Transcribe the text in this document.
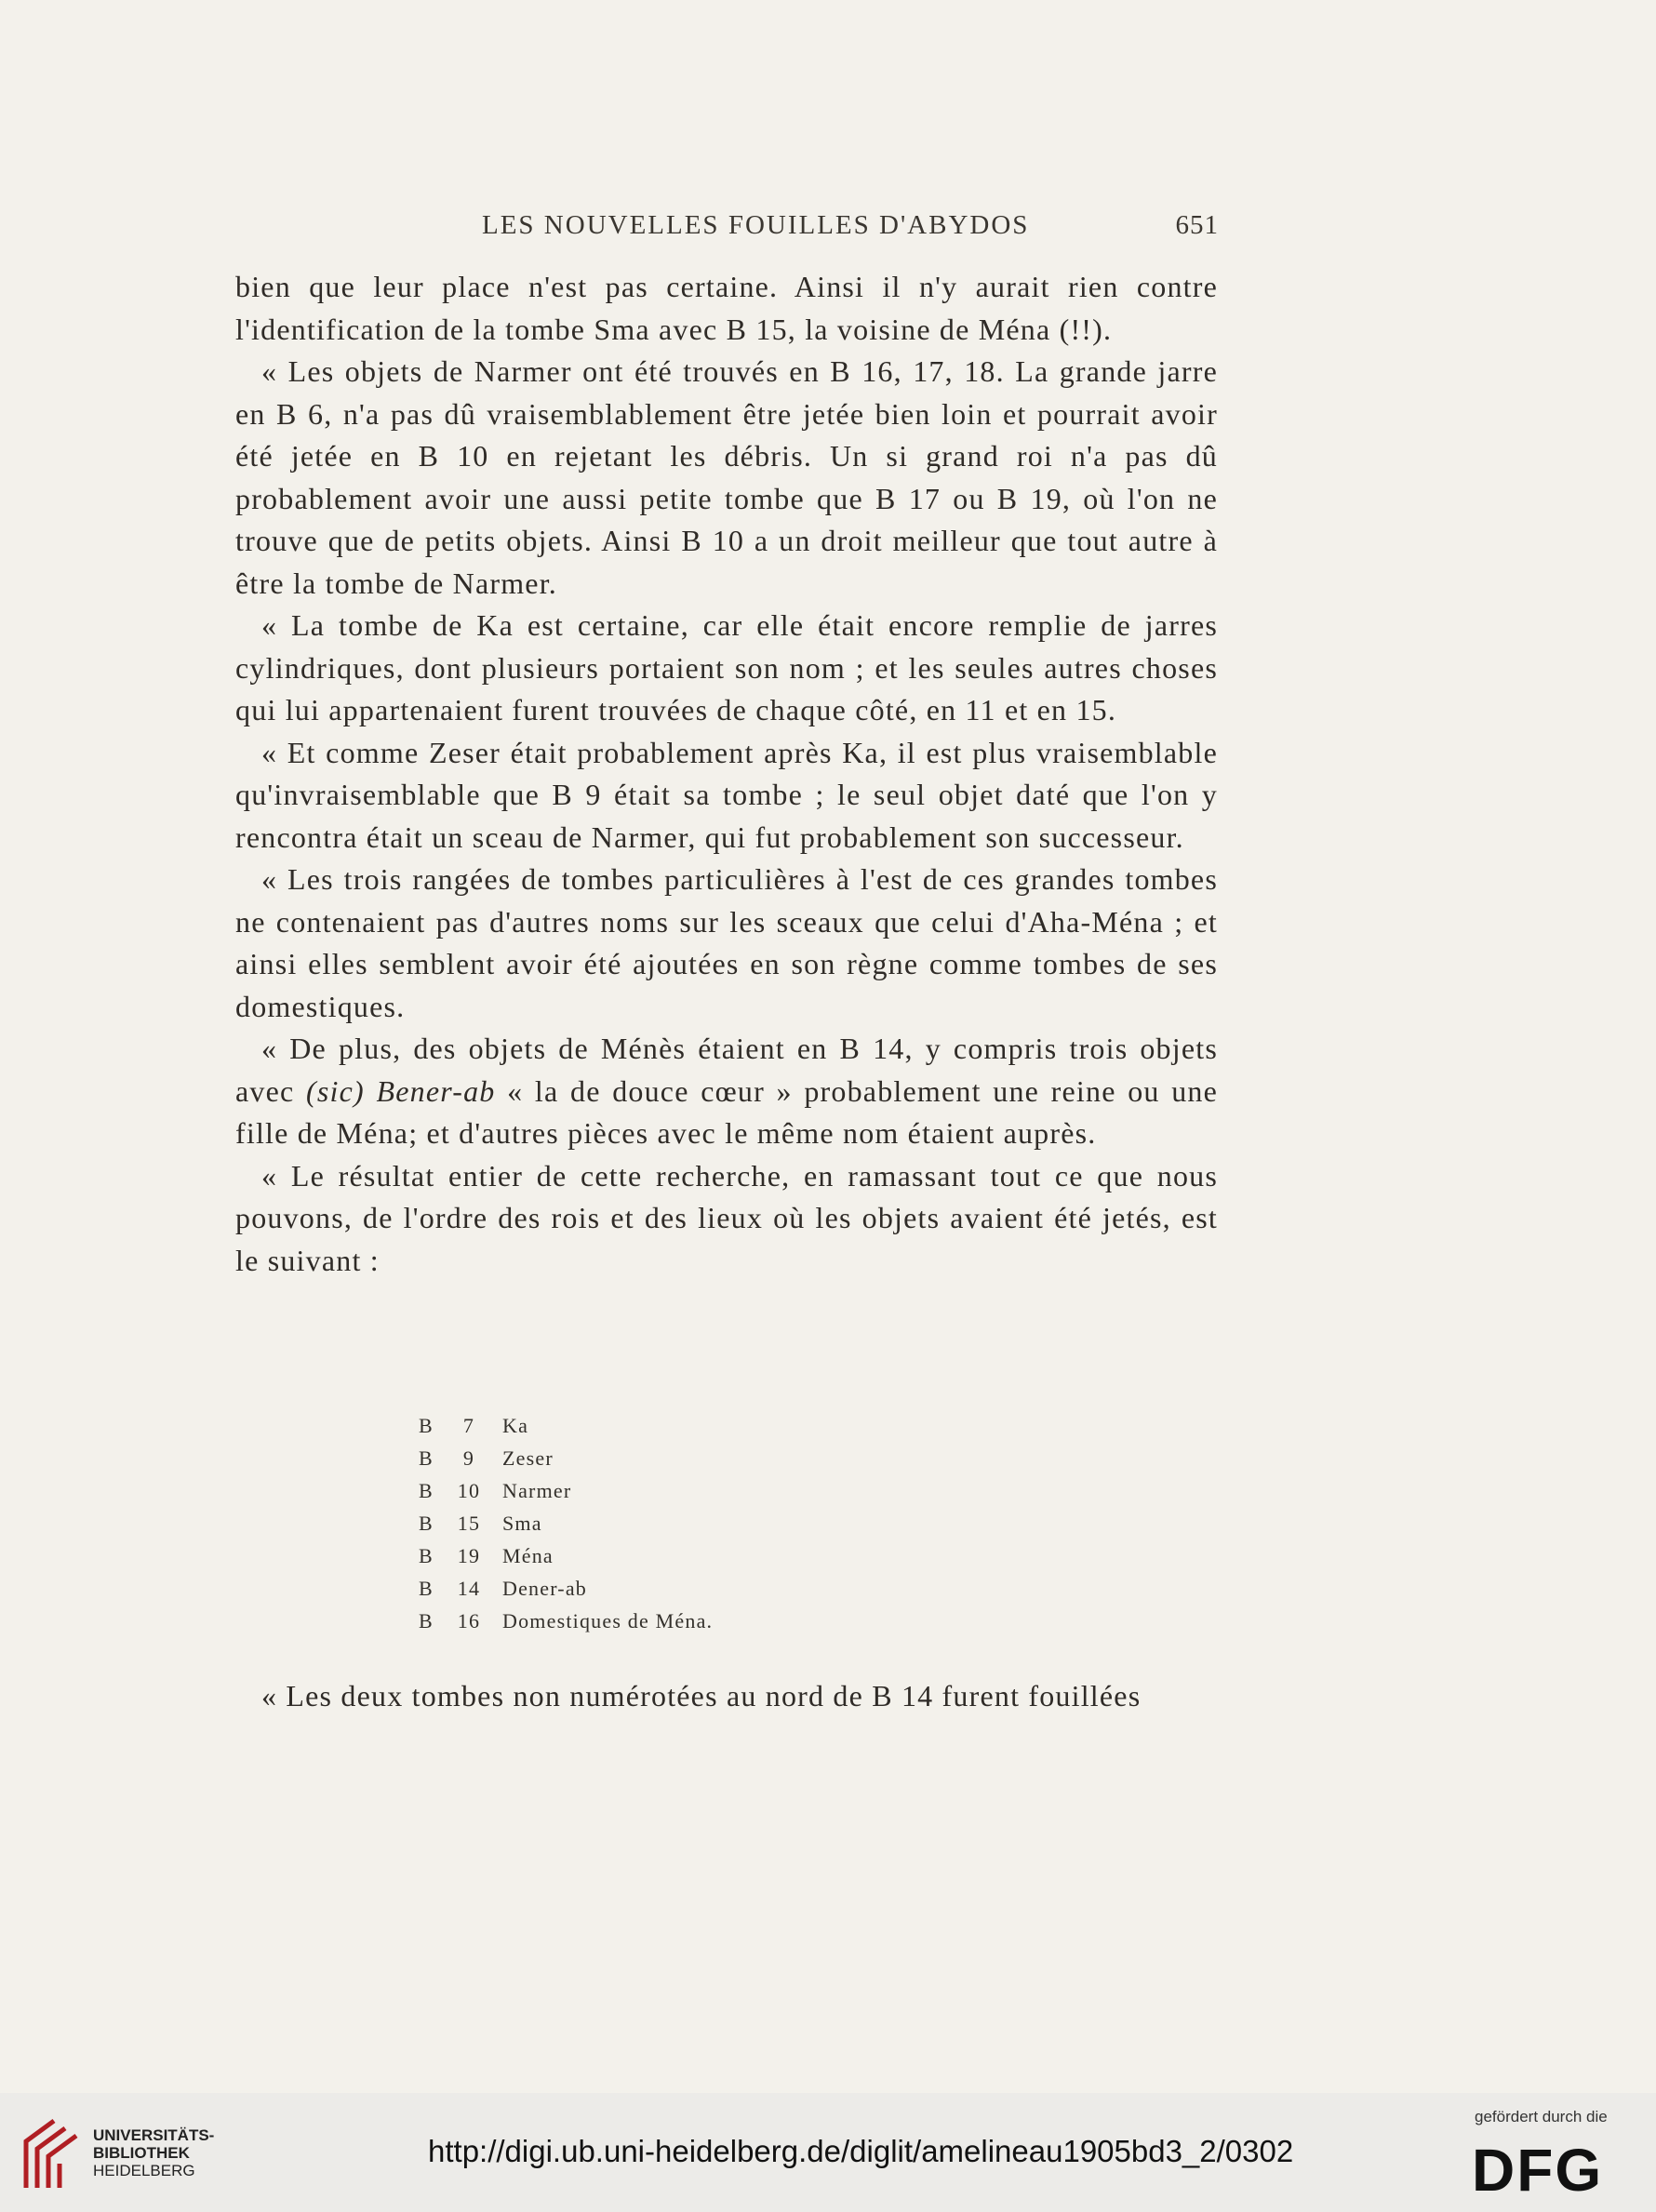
LES NOUVELLES FOUILLES D'ABYDOS	651

bien que leur place n'est pas certaine. Ainsi il n'y aurait rien contre l'identification de la tombe Sma avec B 15, la voisine de Ména (!!).

« Les objets de Narmer ont été trouvés en B 16, 17, 18. La grande jarre en B 6, n'a pas dû vraisemblablement être jetée bien loin et pourrait avoir été jetée en B 10 en rejetant les débris. Un si grand roi n'a pas dû probablement avoir une aussi petite tombe que B 17 ou B 19, où l'on ne trouve que de petits objets. Ainsi B 10 a un droit meilleur que tout autre à être la tombe de Narmer.

« La tombe de Ka est certaine, car elle était encore remplie de jarres cylindriques, dont plusieurs portaient son nom ; et les seules autres choses qui lui appartenaient furent trouvées de chaque côté, en 11 et en 15.

« Et comme Zeser était probablement après Ka, il est plus vraisemblable qu'invraisemblable que B 9 était sa tombe ; le seul objet daté que l'on y rencontra était un sceau de Narmer, qui fut probablement son successeur.

« Les trois rangées de tombes particulières à l'est de ces grandes tombes ne contenaient pas d'autres noms sur les sceaux que celui d'Aha-Ména ; et ainsi elles semblent avoir été ajoutées en son règne comme tombes de ses domestiques.

« De plus, des objets de Ménès étaient en B 14, y compris trois objets avec (sic) Bener-ab « la de douce cœur » probablement une reine ou une fille de Ména; et d'autres pièces avec le même nom étaient auprès.

« Le résultat entier de cette recherche, en ramassant tout ce que nous pouvons, de l'ordre des rois et des lieux où les objets avaient été jetés, est le suivant :

B	7	Ka
B	9	Zeser
B	10	Narmer
B	15	Sma
B	19	Ména
B	14	Dener-ab
B	16	Domestiques de Ména.
« Les deux tombes non numérotées au nord de B 14 furent fouillées
UNIVERSITÄTS-
BIBLIOTHEK
HEIDELBERG
http://digi.ub.uni-heidelberg.de/diglit/amelineau1905bd3_2/0302
gefördert durch die
DFG
